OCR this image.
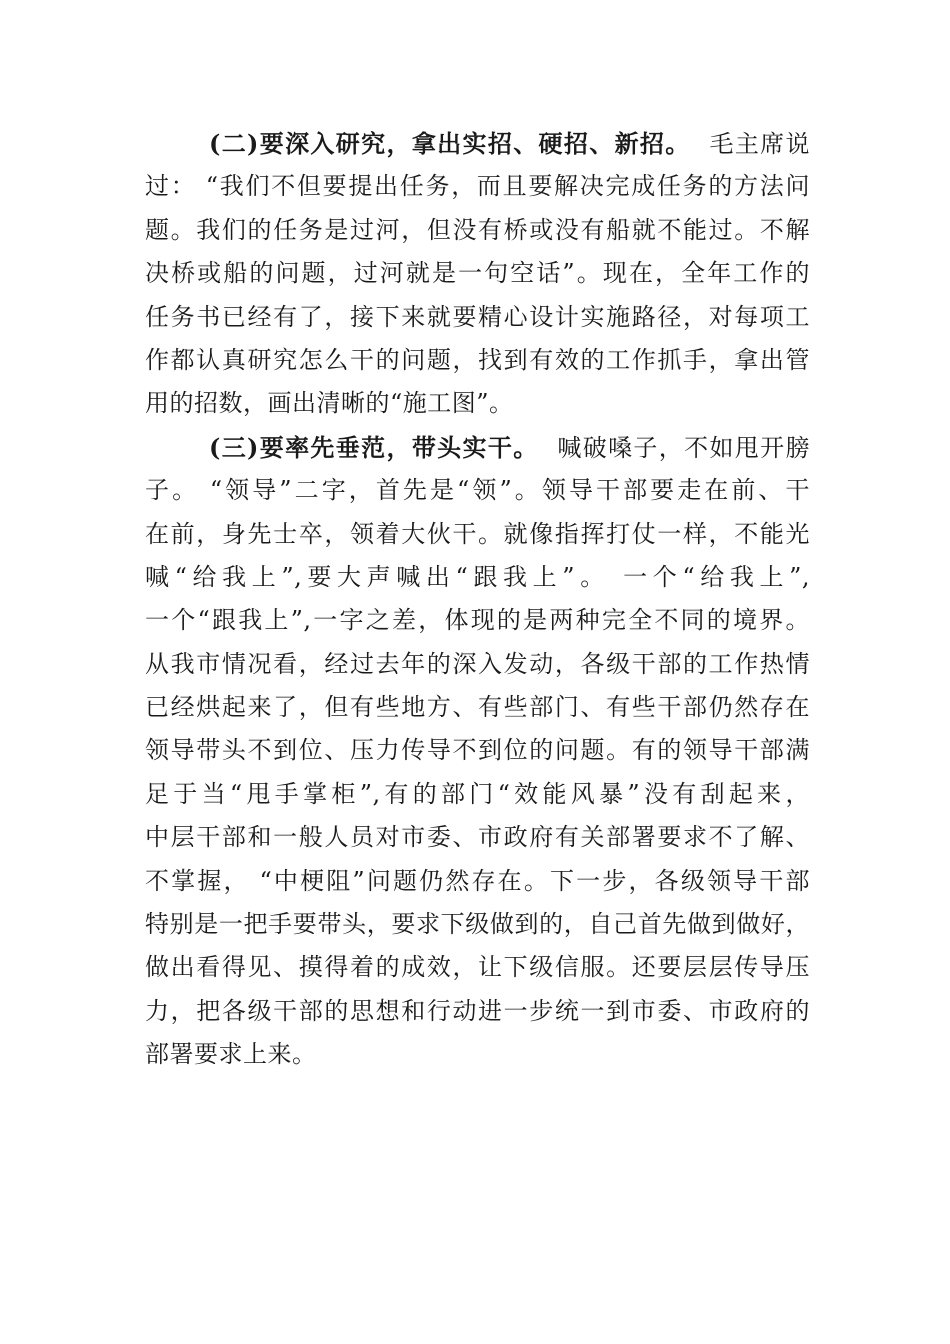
(二)要深入研究，拿出实招、硬招、新招。 毛主席说
过： “我们不但要提出任务，而且要解决完成任务的方法问
题。我们的任务是过河，但没有桥或没有船就不能过。不解
决桥或船的问题，过河就是一句空话”。现在，全年工作的
任务书已经有了，接下来就要精心设计实施路径，对每项工
作都认真研究怎么干的问题，找到有效的工作抓手，拿出管
用的招数，画出清晰的“施工图”。
(三)要率先垂范，带头实干。 喊破嗓子，不如甩开膀
子。 “领导”二字，首先是“领”。领导干部要走在前、干
在前，身先士卒，领着大伙干。就像指挥打仗一样，不能光
喊“给我上”,要大声喊出“跟我上”。 一个“给我上”,
一个“跟我上”,一字之差，体现的是两种完全不同的境界。
从我市情况看，经过去年的深入发动，各级干部的工作热情
已经烘起来了，但有些地方、有些部门、有些干部仍然存在
领导带头不到位、压力传导不到位的问题。有的领导干部满
足于当“甩手掌柜”,有的部门“效能风暴”没有刮起来，
中层干部和一般人员对市委、市政府有关部署要求不了解、
不掌握， “中梗阻”问题仍然存在。下一步，各级领导干部
特别是一把手要带头，要求下级做到的，自己首先做到做好，
做出看得见、摸得着的成效，让下级信服。还要层层传导压
力，把各级干部的思想和行动进一步统一到市委、市政府的
部署要求上来。
